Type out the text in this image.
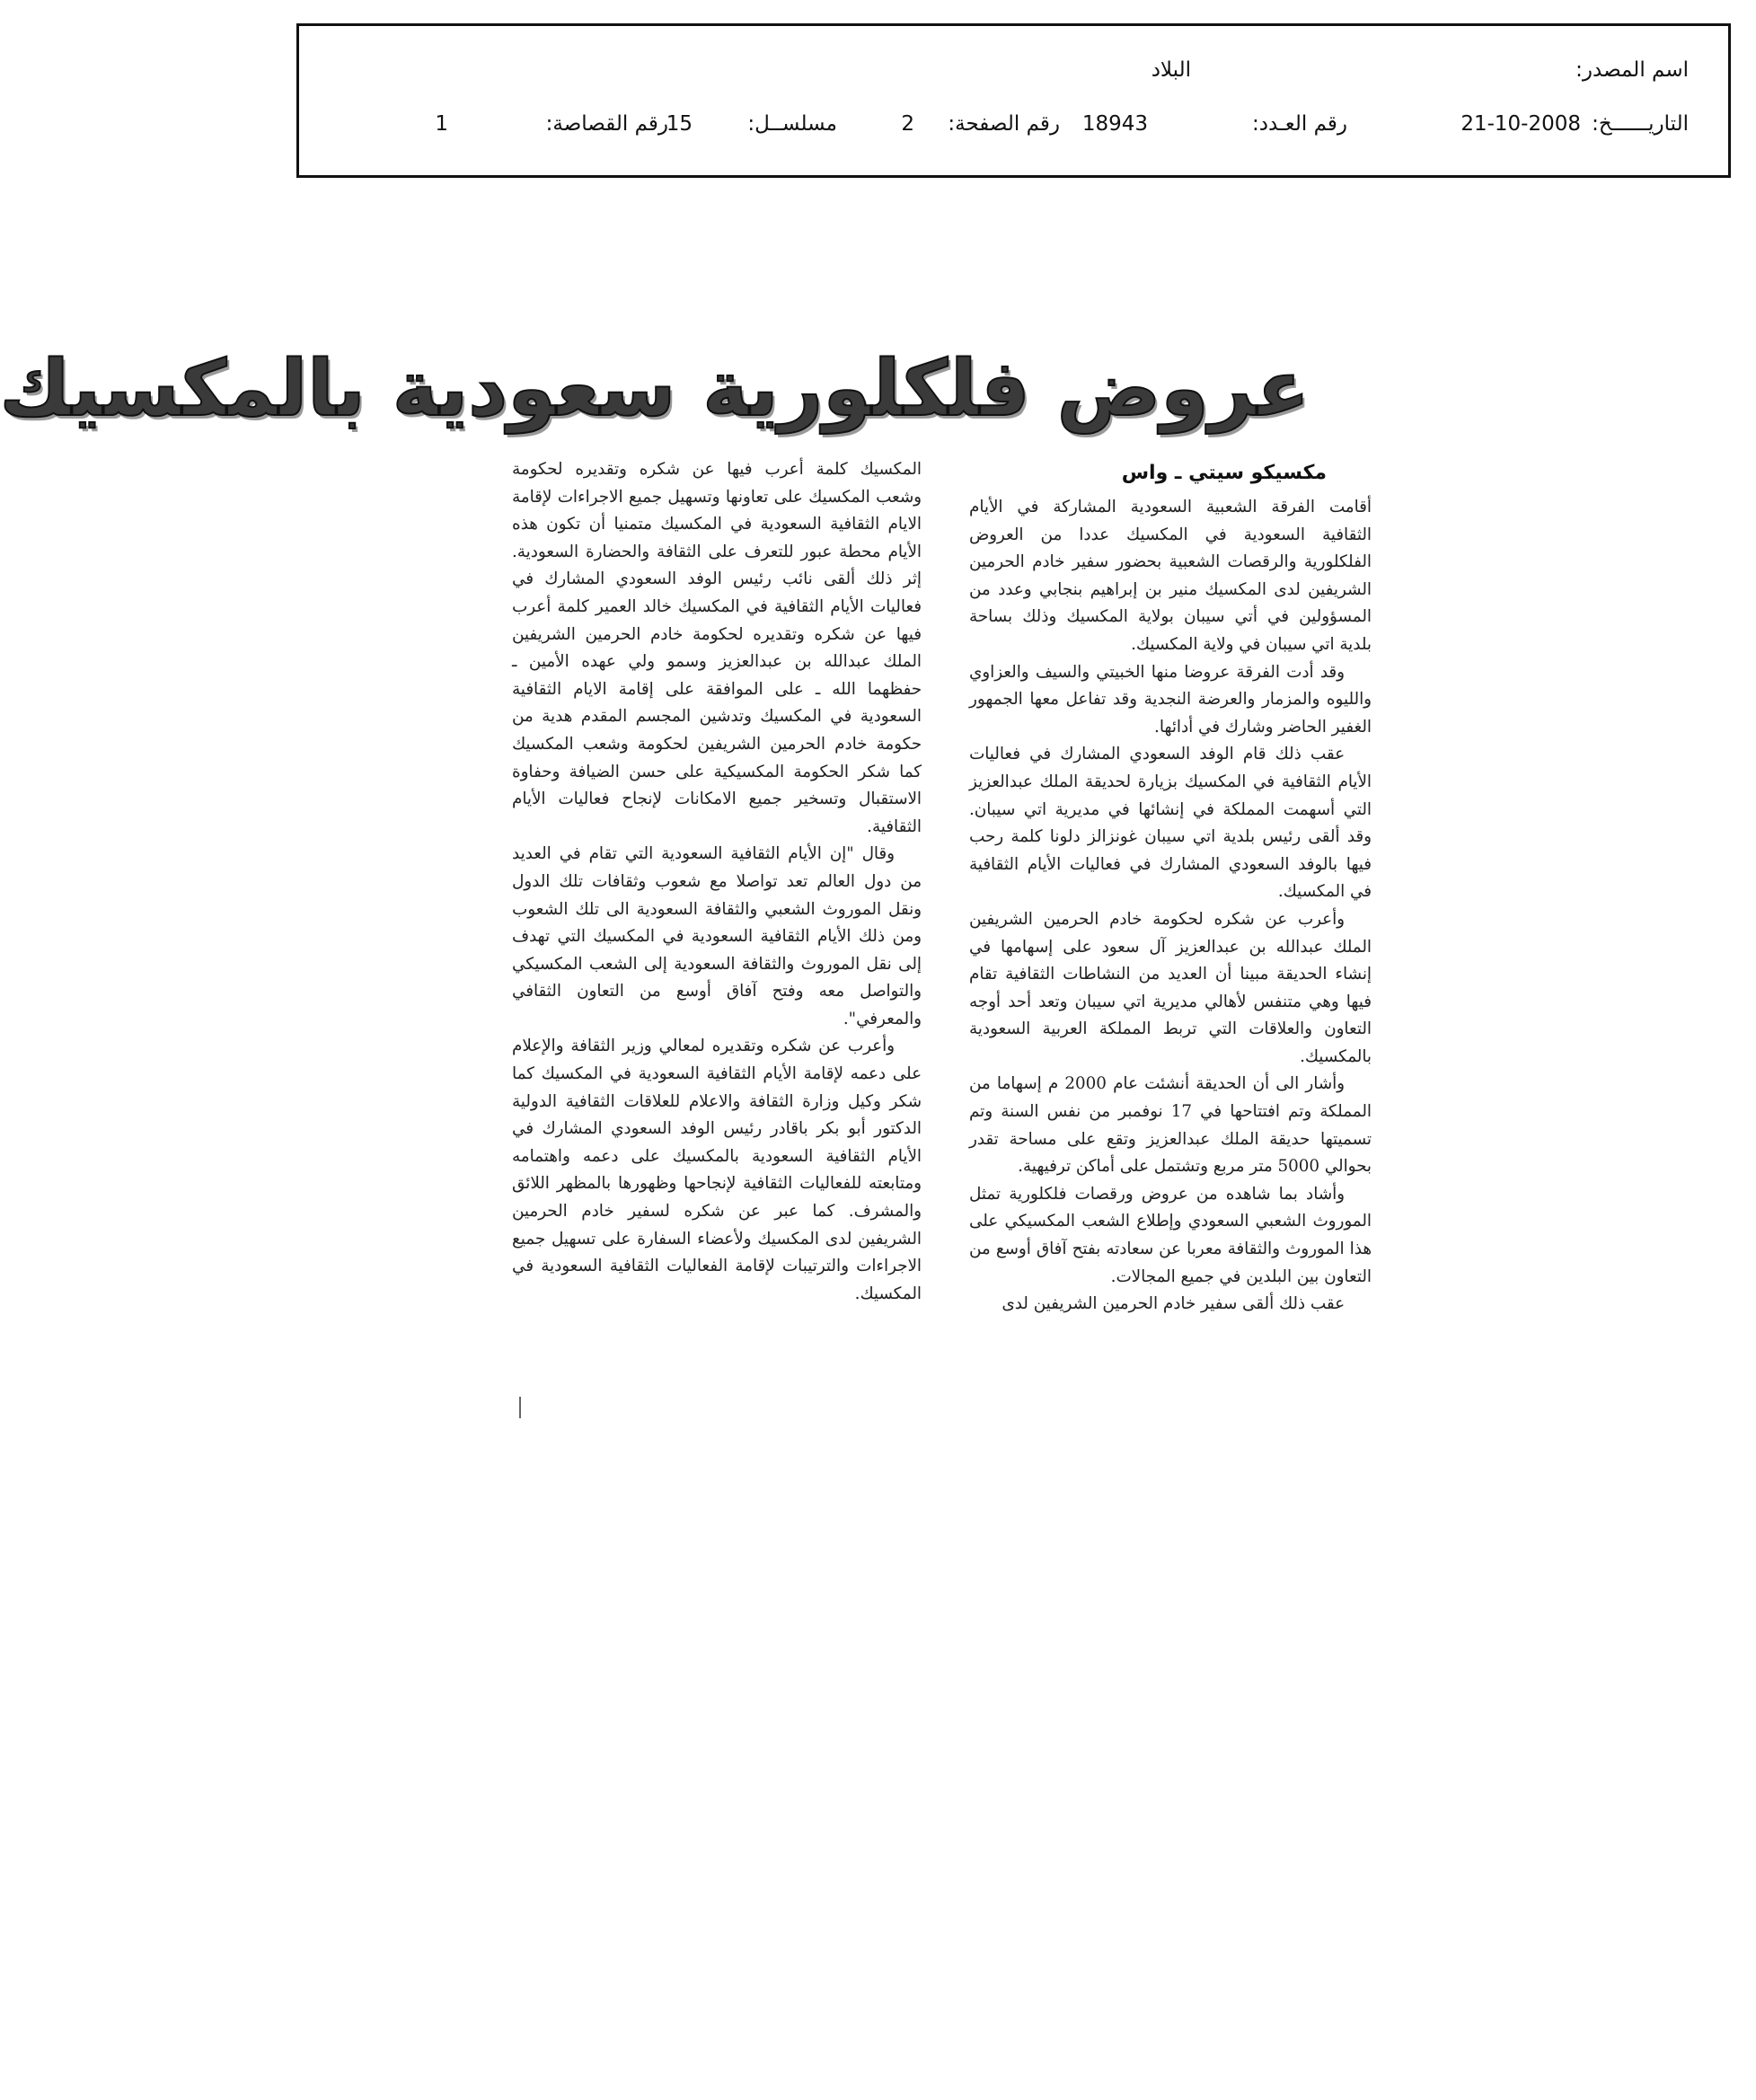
اسم المصدر:
البلاد
التاريــــــخ:
21-10-2008
رقم العـدد:
18943
رقم الصفحة:
2
مسلســل:
15
رقم القصاصة:
1
عروض فلكلورية سعودية بالمكسيك
مكسيكو سيتي ـ واس

أقامت الفرقة الشعبية السعودية المشاركة في الأيام الثقافية السعودية في المكسيك عددا من العروض الفلكلورية والرقصات الشعبية بحضور سفير خادم الحرمين الشريفين لدى المكسيك منير بن إبراهيم بنجابي وعدد من المسؤولين في أتي سيبان بولاية المكسيك وذلك بساحة بلدية اتي سيبان في ولاية المكسيك.

وقد أدت الفرقة عروضا منها الخبيتي والسيف والعزاوي والليوه والمزمار والعرضة النجدية وقد تفاعل معها الجمهور الغفير الحاضر وشارك في أدائها.

عقب ذلك قام الوفد السعودي المشارك في فعاليات الأيام الثقافية في المكسيك بزيارة لحديقة الملك عبدالعزيز التي أسهمت المملكة في إنشائها في مديرية اتي سيبان. وقد ألقى رئيس بلدية اتي سيبان غونزالز دلونا كلمة رحب فيها بالوفد السعودي المشارك في فعاليات الأيام الثقافية في المكسيك.

وأعرب عن شكره لحكومة خادم الحرمين الشريفين الملك عبدالله بن عبدالعزيز آل سعود على إسهامها في إنشاء الحديقة مبينا أن العديد من النشاطات الثقافية تقام فيها وهي متنفس لأهالي مديرية اتي سيبان وتعد أحد أوجه التعاون والعلاقات التي تربط المملكة العربية السعودية بالمكسيك.

وأشار الى أن الحديقة أنشئت عام 2000 م إسهاما من المملكة وتم افتتاحها في 17 نوفمبر من نفس السنة وتم تسميتها حديقة الملك عبدالعزيز وتقع على مساحة تقدر بحوالي 5000 متر مربع وتشتمل على أماكن ترفيهية.

وأشاد بما شاهده من عروض ورقصات فلكلورية تمثل الموروث الشعبي السعودي وإطلاع الشعب المكسيكي على هذا الموروث والثقافة معربا عن سعادته بفتح آفاق أوسع من التعاون بين البلدين في جميع المجالات.

عقب ذلك ألقى سفير خادم الحرمين الشريفين لدى

المكسيك كلمة أعرب فيها عن شكره وتقديره لحكومة وشعب المكسيك على تعاونها وتسهيل جميع الاجراءات لإقامة الايام الثقافية السعودية في المكسيك متمنيا أن تكون هذه الأيام محطة عبور للتعرف على الثقافة والحضارة السعودية. إثر ذلك ألقى نائب رئيس الوفد السعودي المشارك في فعاليات الأيام الثقافية في المكسيك خالد العمير كلمة أعرب فيها عن شكره وتقديره لحكومة خادم الحرمين الشريفين الملك عبدالله بن عبدالعزيز وسمو ولي عهده الأمين ـ حفظهما الله ـ على الموافقة على إقامة الايام الثقافية السعودية في المكسيك وتدشين المجسم المقدم هدية من حكومة خادم الحرمين الشريفين لحكومة وشعب المكسيك كما شكر الحكومة المكسيكية على حسن الضيافة وحفاوة الاستقبال وتسخير جميع الامكانات لإنجاح فعاليات الأيام الثقافية.

وقال "إن الأيام الثقافية السعودية التي تقام في العديد من دول العالم تعد تواصلا مع شعوب وثقافات تلك الدول ونقل الموروث الشعبي والثقافة السعودية الى تلك الشعوب ومن ذلك الأيام الثقافية السعودية في المكسيك التي تهدف إلى نقل الموروث والثقافة السعودية إلى الشعب المكسيكي والتواصل معه وفتح آفاق أوسع من التعاون الثقافي والمعرفي".

وأعرب عن شكره وتقديره لمعالي وزير الثقافة والإعلام على دعمه لإقامة الأيام الثقافية السعودية في المكسيك كما شكر وكيل وزارة الثقافة والاعلام للعلاقات الثقافية الدولية الدكتور أبو بكر باقادر رئيس الوفد السعودي المشارك في الأيام الثقافية السعودية بالمكسيك على دعمه واهتمامه ومتابعته للفعاليات الثقافية لإنجاحها وظهورها بالمظهر اللائق والمشرف. كما عبر عن شكره لسفير خادم الحرمين الشريفين لدى المكسيك ولأعضاء السفارة على تسهيل جميع الاجراءات والترتيبات لإقامة الفعاليات الثقافية السعودية في المكسيك.
